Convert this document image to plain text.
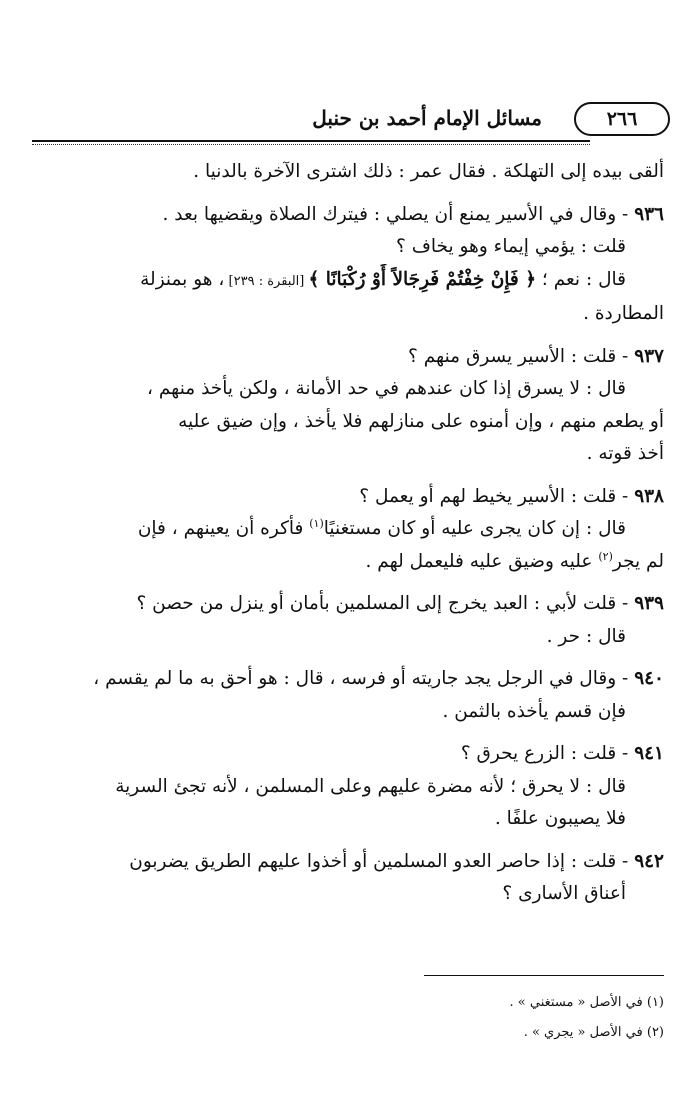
٢٦٦
مسائل الإمام أحمد بن حنبل
ألقى بيده إلى التهلكة . فقال عمر : ذلك اشترى الآخرة بالدنيا .
٩٣٦ - وقال في الأسير يمنع أن يصلي : فيترك الصلاة ويقضيها بعد .
قلت : يؤمي إيماء وهو يخاف ؟
قال : نعم ؛ ﴿ فَإِنْ خِفْتُمْ فَرِجَالاً أَوْ رُكْبَانًا ﴾ [البقرة : ٢٣٩] ، هو بمنزلة
المطاردة .
٩٣٧ - قلت : الأسير يسرق منهم ؟
قال : لا يسرق إذا كان عندهم في حد الأمانة ، ولكن يأخذ منهم ،
أو يطعم منهم ، وإن أمنوه على منازلهم فلا يأخذ ، وإن ضيق عليه
أخذ قوته .
٩٣٨ - قلت : الأسير يخيط لهم أو يعمل ؟
قال : إن كان يجرى عليه أو كان مستغنيًا$^{(١)}$ فأكره أن يعينهم ، فإن
لم يجر$^{(٢)}$ عليه وضيق عليه فليعمل لهم .
٩٣٩ - قلت لأبي : العبد يخرج إلى المسلمين بأمان أو ينزل من حصن ؟
قال : حر .
٩٤٠ - وقال في الرجل يجد جاريته أو فرسه ، قال : هو أحق به ما لم يقسم ،
فإن قسم يأخذه بالثمن .
٩٤١ - قلت : الزرع يحرق ؟
قال : لا يحرق ؛ لأنه مضرة عليهم وعلى المسلمن ، لأنه تجئ السرية
فلا يصيبون علفًا .
٩٤٢ - قلت : إذا حاصر العدو المسلمين أو أخذوا عليهم الطريق يضربون
أعناق الأسارى ؟
(١) في الأصل « مستغني » .
(٢) في الأصل « يجري » .
